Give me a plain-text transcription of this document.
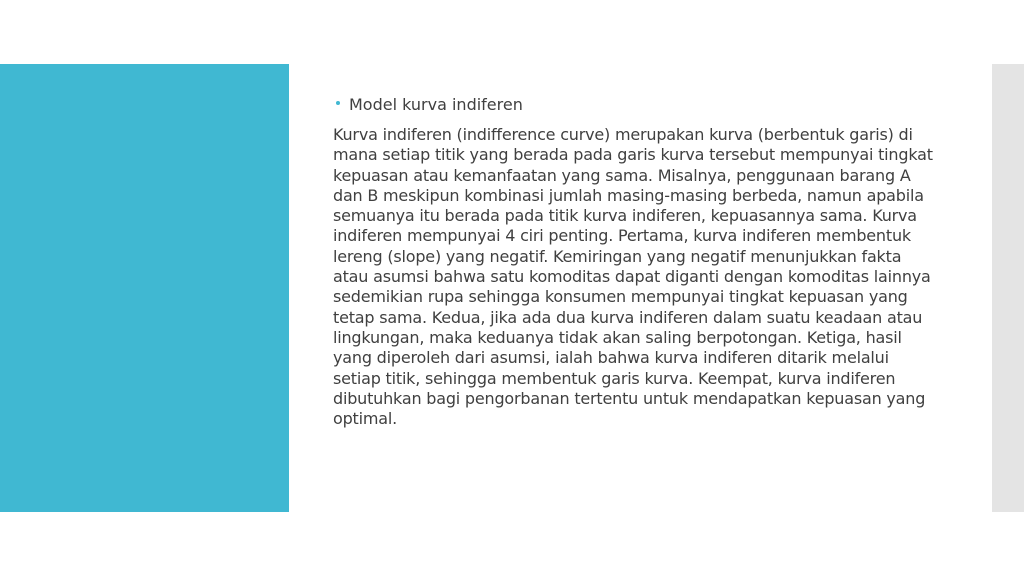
Model kurva indiferen

Kurva indiferen (indifference curve) merupakan kurva (berbentuk garis) di mana setiap titik yang berada pada garis kurva tersebut mempunyai tingkat kepuasan atau kemanfaatan yang sama. Misalnya, penggunaan barang A dan B meskipun kombinasi jumlah masing-masing berbeda, namun apabila semuanya itu berada pada titik kurva indiferen, kepuasannya sama. Kurva indiferen mempunyai 4 ciri penting. Pertama, kurva indiferen membentuk lereng (slope) yang negatif. Kemiringan yang negatif menunjukkan fakta atau asumsi bahwa satu komoditas dapat diganti dengan komoditas lainnya sedemikian rupa sehingga konsumen mempunyai tingkat kepuasan yang tetap sama. Kedua, jika ada dua kurva indiferen dalam suatu keadaan atau lingkungan, maka keduanya tidak akan saling berpotongan. Ketiga, hasil yang diperoleh dari asumsi, ialah bahwa kurva indiferen ditarik melalui setiap titik, sehingga membentuk garis kurva. Keempat, kurva indiferen dibutuhkan bagi pengorbanan tertentu untuk mendapatkan kepuasan yang optimal.
